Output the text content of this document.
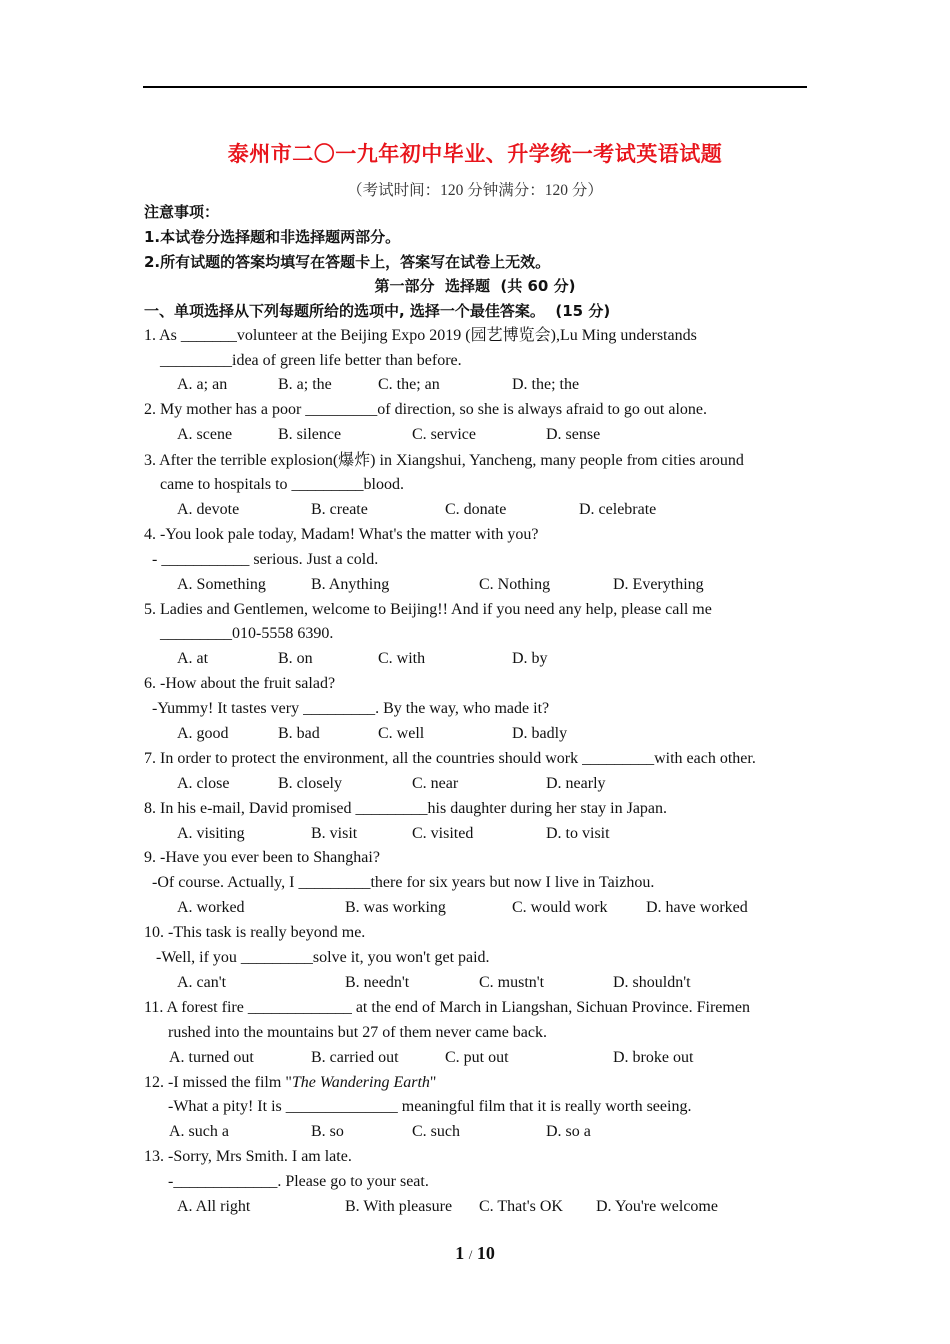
泰州市二〇一九年初中毕业、升学统一考试英语试题
（考试时间：120 分钟满分：120 分）
注意事项：
1.本试卷分选择题和非选择题两部分。
2.所有试题的答案均填写在答题卡上，答案写在试卷上无效。
第一部分  选择题  (共 60 分)
一、单项选择从下列每题所给的选项中, 选择一个最佳答案。  (15 分)
1. As _______volunteer at the Beijing Expo 2019 (园艺博览会),Lu Ming understands
_________idea of green life better than before.
A. a; an	B. a; the	C. the; an	D. the; the
2. My mother has a poor _________of direction, so she is always afraid to go out alone.
A. scene	B. silence	C. service	D. sense
3. After the terrible explosion(爆炸) in Xiangshui, Yancheng, many people from cities around
came to hospitals to _________blood.
A. devote	B. create	C. donate	D. celebrate
4. -You look pale today, Madam! What's the matter with you?
- ___________ serious. Just a cold.
A. Something	B. Anything	C. Nothing	D. Everything
5. Ladies and Gentlemen, welcome to Beijing!! And if you need any help, please call me
_________010-5558 6390.
A. at	B. on	C. with	D. by
6. -How about the fruit salad?
-Yummy! It tastes very _________. By the way, who made it?
A. good	B. bad	C. well	D. badly
7. In order to protect the environment, all the countries should work _________with each other.
A. close	B. closely	C. near	D. nearly
8. In his e-mail, David promised _________his daughter during her stay in Japan.
A. visiting	B. visit	C. visited	D. to visit
9. -Have you ever been to Shanghai?
-Of course. Actually, I _________there for six years but now I live in Taizhou.
A. worked	B. was working	C. would work D. have worked
10. -This task is really beyond me.
-Well, if you _________solve it, you won't get paid.
A. can't	B. needn't	C. mustn't	D. shouldn't
11. A forest fire _____________ at the end of March in Liangshan, Sichuan Province. Firemen
rushed into the mountains but 27 of them never came back.
A. turned out	B. carried out	C. put out	D. broke out
12. -I missed the film "The Wandering Earth"
-What a pity! It is ______________ meaningful film that it is really worth seeing.
A. such a	B. so	C. such	D. so a
13. -Sorry, Mrs Smith. I am late.
-_____________. Please go to your seat.
A. All right	B. With pleasure C. That's OK D. You're welcome
1 / 10
